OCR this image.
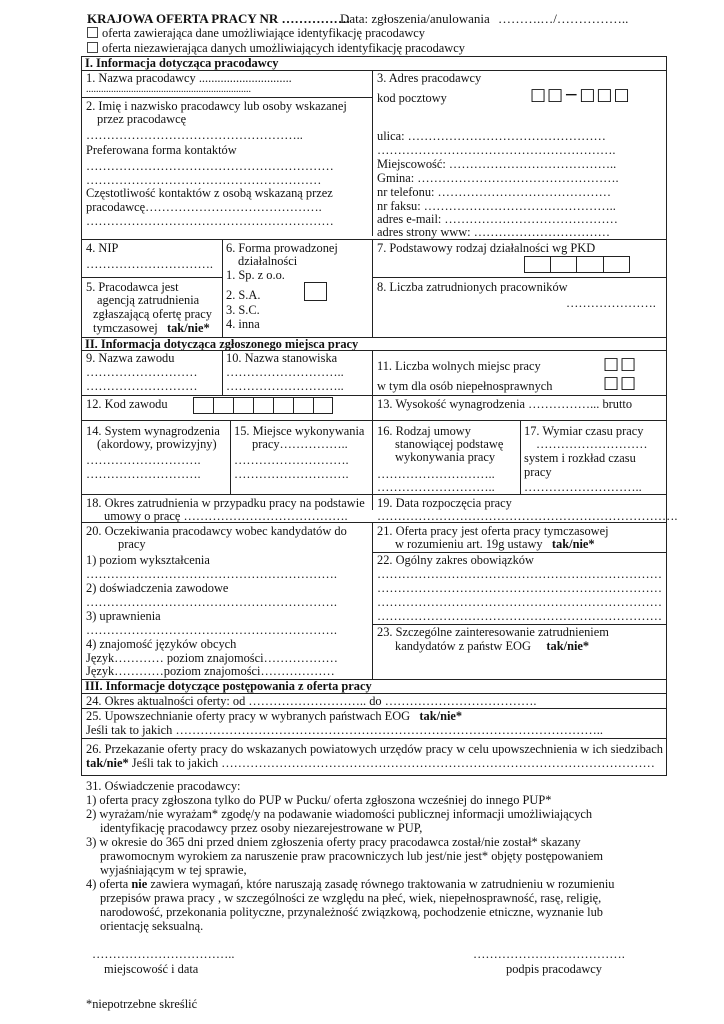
KRAJOWA OFERTA PRACY NR …………….
Data: zgłoszenia/anulowania ……….…/……………..
oferta zawierająca dane umożliwiające identyfikację pracodawcy
oferta niezawierająca danych umożliwiających identyfikację pracodawcy
I. Informacja dotycząca pracodawcy
1. Nazwa pracodawcy ..............................
..................................................................
2. Imię i nazwisko pracodawcy lub osoby wskazanej
przez pracodawcę
……………………………………………..
Preferowana forma kontaktów
……………………………………………………
…………………………………………………
Częstotliwość kontaktów z osobą wskazaną przez
pracodawcę…………………………………….
……………………………………………………
3. Adres pracodawcy
kod pocztowy	□□−□□□
ulica: …………………………………………
………………………………………………….
Miejscowość: …………………………………..
Gmina: ………………………………………….
nr telefonu: ……………………………………
nr faksu: ………………………………………..
adres e-mail: ……………………………………
adres strony www: ……………………………
4. NIP
………………………….
6. Forma prowadzonej
działalności
1. Sp. z o.o.
2. S.A.
3. S.C.
4. inna
7. Podstawowy rodzaj działalności wg PKD
5. Pracodawca jest
agencją zatrudnienia
zgłaszającą ofertę pracy
tymczasowej tak/nie*
8. Liczba zatrudnionych pracowników
………………….
II. Informacja dotycząca zgłoszonego miejsca pracy
9. Nazwa zawodu
………………………
………………………
10. Nazwa stanowiska
………………………..
………………………..
11. Liczba wolnych miejsc pracy	□□
w tym dla osób niepełnosprawnych	□□
12. Kod zawodu	13. Wysokość wynagrodzenia ……………... brutto
14. System wynagrodzenia
(akordowy, prowizyjny)
……………………….
……………………….
15. Miejsce wykonywania
pracy……………..
……………………….
……………………….
16. Rodzaj umowy
stanowiącej podstawę
wykonywania pracy
………………………..
………………………..
17. Wymiar czasu pracy
………………………
system i rozkład czasu
pracy
………………………..
18. Okres zatrudnienia w przypadku pracy na podstawie
umowy o pracę ………………………………….
19. Data rozpoczęcia pracy
……………………………………………………………….
20. Oczekiwania pracodawcy wobec kandydatów do
pracy
1) poziom wykształcenia
…………………………………………………….
2) doświadczenia zawodowe
…………………………………………………….
3) uprawnienia
…………………………………………………….
4) znajomość języków obcych
Język………… poziom znajomości………………
Język…………poziom znajomości………………
21. Oferta pracy jest oferta pracy tymczasowej
w rozumieniu art. 19g ustawy tak/nie*
22. Ogólny zakres obowiązków
……………………………………………………………
……………………………………………………………
……………………………………………………………
……………………………………………………………
23. Szczególne zainteresowanie zatrudnieniem
kandydatów z państw EOG tak/nie*
III. Informacje dotyczące postępowania z oferta pracy
24. Okres aktualności oferty: od ……………………….. do ……………………………….
25. Upowszechnianie oferty pracy w wybranych państwach EOG tak/nie*
Jeśli tak to jakich …………………………………………………………………………………………..
26. Przekazanie oferty pracy do wskazanych powiatowych urzędów pracy w celu upowszechnienia w ich siedzibach
tak/nie* Jeśli tak to jakich ……………………………………………………………………………………………
31. Oświadczenie pracodawcy:
1) oferta pracy zgłoszona tylko do PUP w Pucku/ oferta zgłoszona wcześniej do innego PUP*
2) wyrażam/nie wyrażam* zgodę/y na podawanie wiadomości publicznej informacji umożliwiających
identyfikację pracodawcy przez osoby niezarejestrowane w PUP,
3) w okresie do 365 dni przed dniem zgłoszenia oferty pracy pracodawca został/nie został* skazany
prawomocnym wyrokiem za naruszenie praw pracowniczych lub jest/nie jest* objęty postępowaniem
wyjaśniającym w tej sprawie,
4) oferta nie zawiera wymagań, które naruszają zasadę równego traktowania w zatrudnieniu w rozumieniu
przepisów prawa pracy , w szczególności ze względu na płeć, wiek, niepełnosprawność, rasę, religię,
narodowość, przekonania polityczne, przynależność związkową, pochodzenie etniczne, wyznanie lub
orientację seksualną.
……………………………..
miejscowość i data
……………………………….
podpis pracodawcy
*niepotrzebne skreślić
